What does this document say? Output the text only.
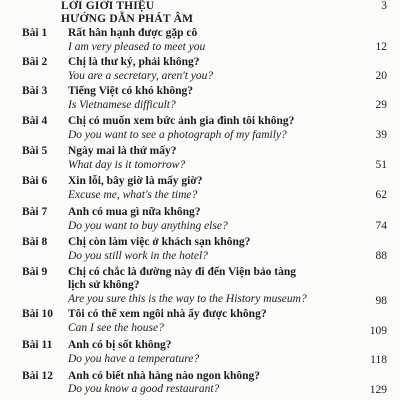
LỜI GIỚI THIỆU	3
HƯỚNG DẪN PHÁT ÂM
Bài 1 Rất hân hạnh được gặp cô
I am very pleased to meet you	12
Bài 2 Chị là thư ký, phải không?
You are a secretary, aren't you?	20
Bài 3 Tiếng Việt có khó không?
Is Vietnamese difficult?	29
Bài 4 Chị có muốn xem bức ảnh gia đình tôi không?
Do you want to see a photograph of my family?	39
Bài 5 Ngày mai là thứ mấy?
What day is it tomorrow?	51
Bài 6 Xin lỗi, bây giờ là mấy giờ?
Excuse me, what's the time?	62
Bài 7 Anh có mua gì nữa không?
Do you want to buy anything else?	74
Bài 8 Chị còn làm việc ở khách sạn không?
Do you still work in the hotel?	88
Bài 9 Chị có chắc là đường này đi đến Viện bảo tàng
lịch sử không?
Are you sure this is the way to the History museum?	98
Bài 10 Tôi có thể xem ngôi nhà ấy được không?
Can I see the house?	109
Bài 11 Anh có bị sốt không?
Do you have a temperature?	118
Bài 12 Anh có biết nhà hàng nào ngon không?
Do you know a good restaurant?	129
